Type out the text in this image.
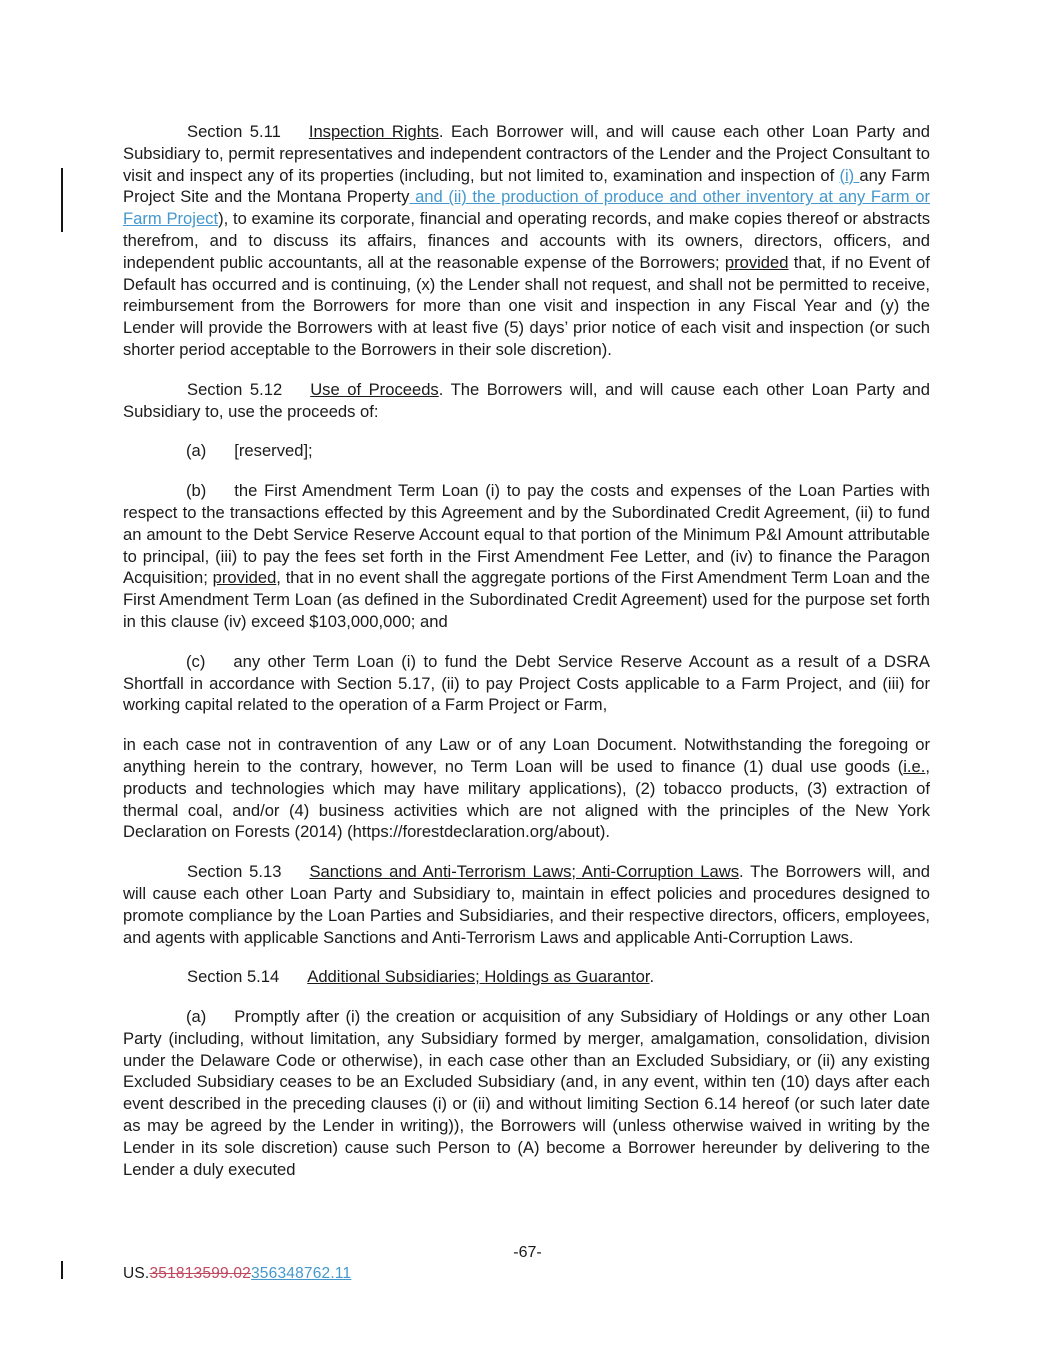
Section 5.11 Inspection Rights. Each Borrower will, and will cause each other Loan Party and Subsidiary to, permit representatives and independent contractors of the Lender and the Project Consultant to visit and inspect any of its properties (including, but not limited to, examination and inspection of (i) any Farm Project Site and the Montana Property and (ii) the production of produce and other inventory at any Farm or Farm Project), to examine its corporate, financial and operating records, and make copies thereof or abstracts therefrom, and to discuss its affairs, finances and accounts with its owners, directors, officers, and independent public accountants, all at the reasonable expense of the Borrowers; provided that, if no Event of Default has occurred and is continuing, (x) the Lender shall not request, and shall not be permitted to receive, reimbursement from the Borrowers for more than one visit and inspection in any Fiscal Year and (y) the Lender will provide the Borrowers with at least five (5) days’ prior notice of each visit and inspection (or such shorter period acceptable to the Borrowers in their sole discretion).

Section 5.12 Use of Proceeds. The Borrowers will, and will cause each other Loan Party and Subsidiary to, use the proceeds of:

(a) [reserved];

(b) the First Amendment Term Loan (i) to pay the costs and expenses of the Loan Parties with respect to the transactions effected by this Agreement and by the Subordinated Credit Agreement, (ii) to fund an amount to the Debt Service Reserve Account equal to that portion of the Minimum P&I Amount attributable to principal, (iii) to pay the fees set forth in the First Amendment Fee Letter, and (iv) to finance the Paragon Acquisition; provided, that in no event shall the aggregate portions of the First Amendment Term Loan and the First Amendment Term Loan (as defined in the Subordinated Credit Agreement) used for the purpose set forth in this clause (iv) exceed $103,000,000; and

(c) any other Term Loan (i) to fund the Debt Service Reserve Account as a result of a DSRA Shortfall in accordance with Section 5.17, (ii) to pay Project Costs applicable to a Farm Project, and (iii) for working capital related to the operation of a Farm Project or Farm,

in each case not in contravention of any Law or of any Loan Document. Notwithstanding the foregoing or anything herein to the contrary, however, no Term Loan will be used to finance (1) dual use goods (i.e., products and technologies which may have military applications), (2) tobacco products, (3) extraction of thermal coal, and/or (4) business activities which are not aligned with the principles of the New York Declaration on Forests (2014) (https://forestdeclaration.org/about).

Section 5.13 Sanctions and Anti-Terrorism Laws; Anti-Corruption Laws. The Borrowers will, and will cause each other Loan Party and Subsidiary to, maintain in effect policies and procedures designed to promote compliance by the Loan Parties and Subsidiaries, and their respective directors, officers, employees, and agents with applicable Sanctions and Anti-Terrorism Laws and applicable Anti-Corruption Laws.

Section 5.14 Additional Subsidiaries; Holdings as Guarantor.

(a) Promptly after (i) the creation or acquisition of any Subsidiary of Holdings or any other Loan Party (including, without limitation, any Subsidiary formed by merger, amalgamation, consolidation, division under the Delaware Code or otherwise), in each case other than an Excluded Subsidiary, or (ii) any existing Excluded Subsidiary ceases to be an Excluded Subsidiary (and, in any event, within ten (10) days after each event described in the preceding clauses (i) or (ii) and without limiting Section 6.14 hereof (or such later date as may be agreed by the Lender in writing)), the Borrowers will (unless otherwise waived in writing by the Lender in its sole discretion) cause such Person to (A) become a Borrower hereunder by delivering to the Lender a duly executed

-67-
US.351813599.02356348762.11
